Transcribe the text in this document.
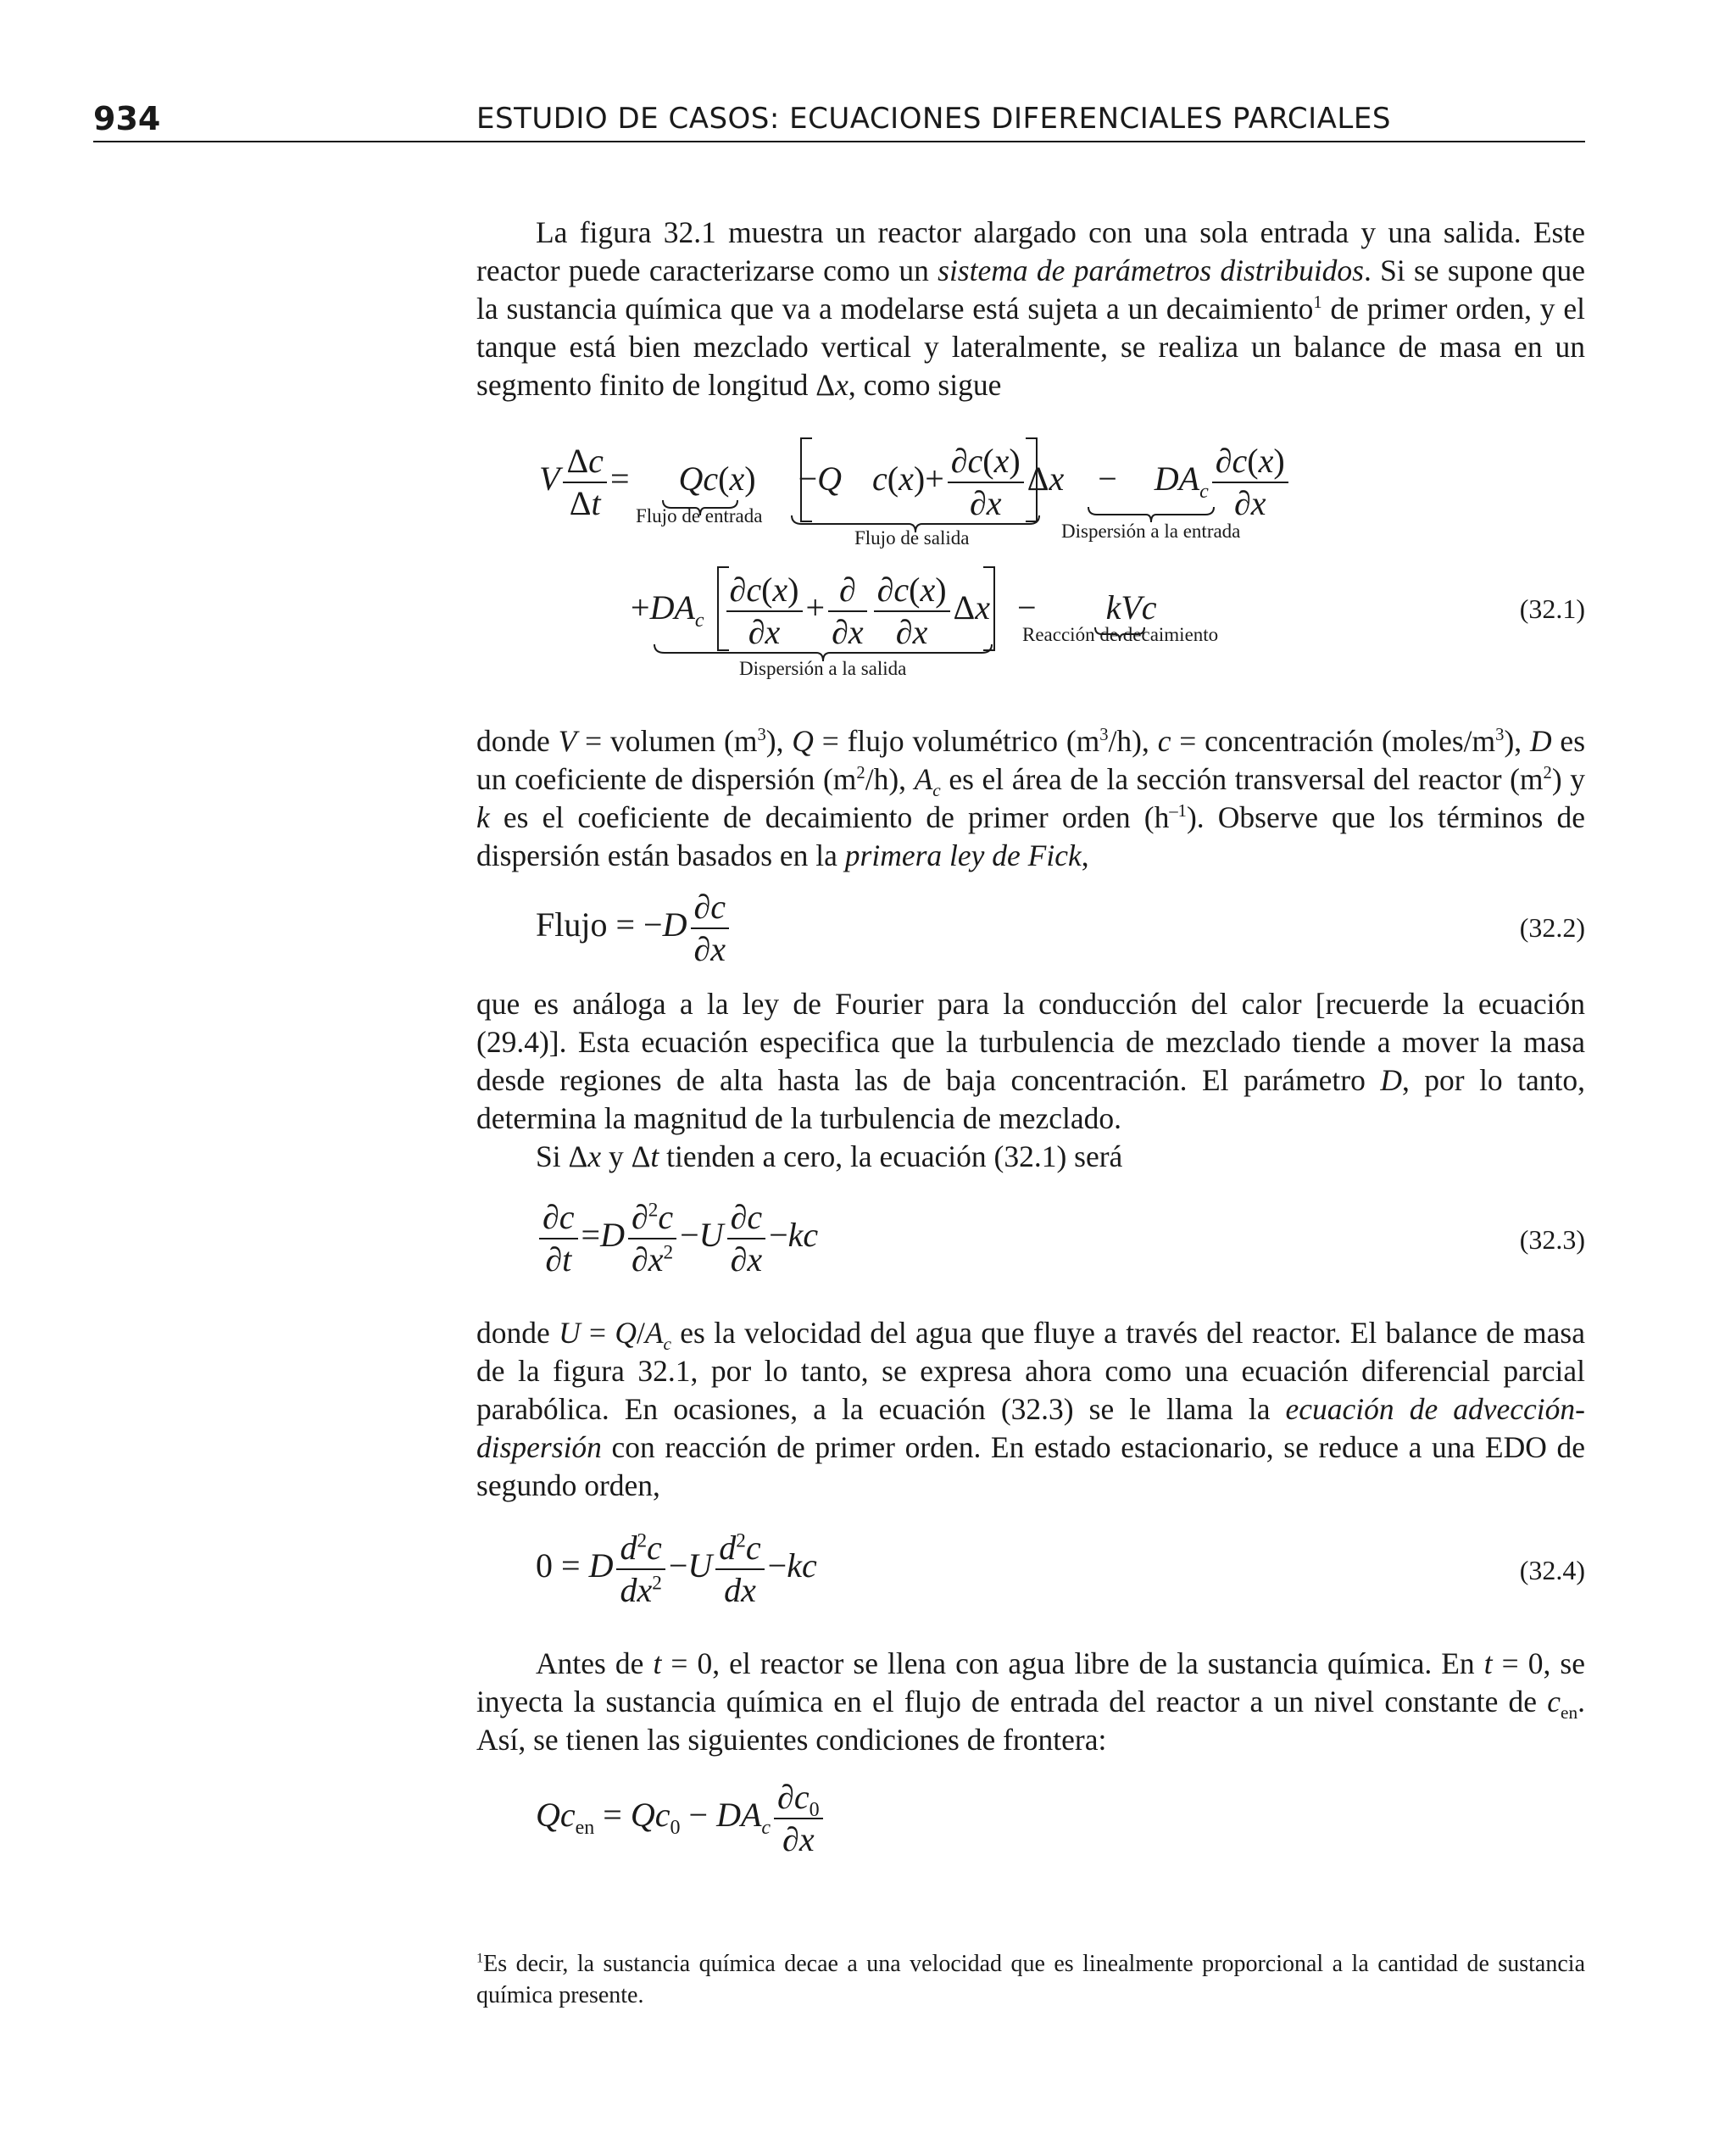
934	ESTUDIO DE CASOS: ECUACIONES DIFERENCIALES PARCIALES

La figura 32.1 muestra un reactor alargado con una sola entrada y una salida. Este reactor puede caracterizarse como un sistema de parámetros distribuidos. Si se supone que la sustancia química que va a modelarse está sujeta a un decaimiento$^1$ de primer orden, y el tanque está bien mezclado vertical y lateralmente, se realiza un balance de masa en un segmento finito de longitud Δx, como sigue

V $\frac{\Delta c}{\Delta t} = Qc(x) -Q$  $c(x)+ \frac{\partial c(x)}{\partial x}$ $\Delta x - DA_c \frac{\partial c(x)}{\partial x}$
Flujo de entrada
Flujo de salida	Dispersión a la entrada
$+DA_c \frac{\partial c(x)}{\partial x} + \frac{\partial}{\partial x} \frac{\partial c(x)}{\partial x}$ Δx − kVc	(32.1)
Reacción de decaimiento
Dispersión a la salida

donde V = volumen $(m^3)$, Q = flujo volumétrico $(m^3/h)$, c = concentración $(moles/m^3)$, D es un coeficiente de dispersión $(m^2/h)$, $A_c$ es el área de la sección transversal del reactor $(m^2)$ y k es el coeficiente de decaimiento de primer orden $(h^{-1})$. Observe que los términos de dispersión están basados en la primera ley de Fick,

Flujo = $-D \frac{\partial c}{\partial x}$	(32.2)

que es análoga a la ley de Fourier para la conducción del calor [recuerde la ecuación (29.4)]. Esta ecuación especifica que la turbulencia de mezclado tiende a mover la masa desde regiones de alta hasta las de baja concentración. El parámetro D, por lo tanto, determina la magnitud de la turbulencia de mezclado.

Si Δx y Δt tienden a cero, la ecuación (32.1) será

$\frac{\partial c}{\partial t} =D \frac{\partial^2c}{\partial x^2} -U \frac{\partial c}{\partial x} -kc$	(32.3)

donde $U = Q/A_c$ es la velocidad del agua que fluye a través del reactor. El balance de masa de la figura 32.1, por lo tanto, se expresa ahora como una ecuación diferencial parcial parabólica. En ocasiones, a la ecuación (32.3) se le llama la ecuación de advección-dispersión con reacción de primer orden. En estado estacionario, se reduce a una EDO de segundo orden,

0 = D $\frac{d^2c}{dx^2} -U \frac{d^2c}{dx} -kc$	(32.4)

Antes de t = 0, el reactor se llena con agua libre de la sustancia química. En t = 0, se inyecta la sustancia química en el flujo de entrada del reactor a un nivel constante de $c_{en}$. Así, se tienen las siguientes condiciones de frontera:

$Qc_{en} = Qc_0 - DA_c \frac{\partial c_0}{\partial x}$
$^1$Es decir, la sustancia química decae a una velocidad que es linealmente proporcional a la cantidad de sustancia química presente.
